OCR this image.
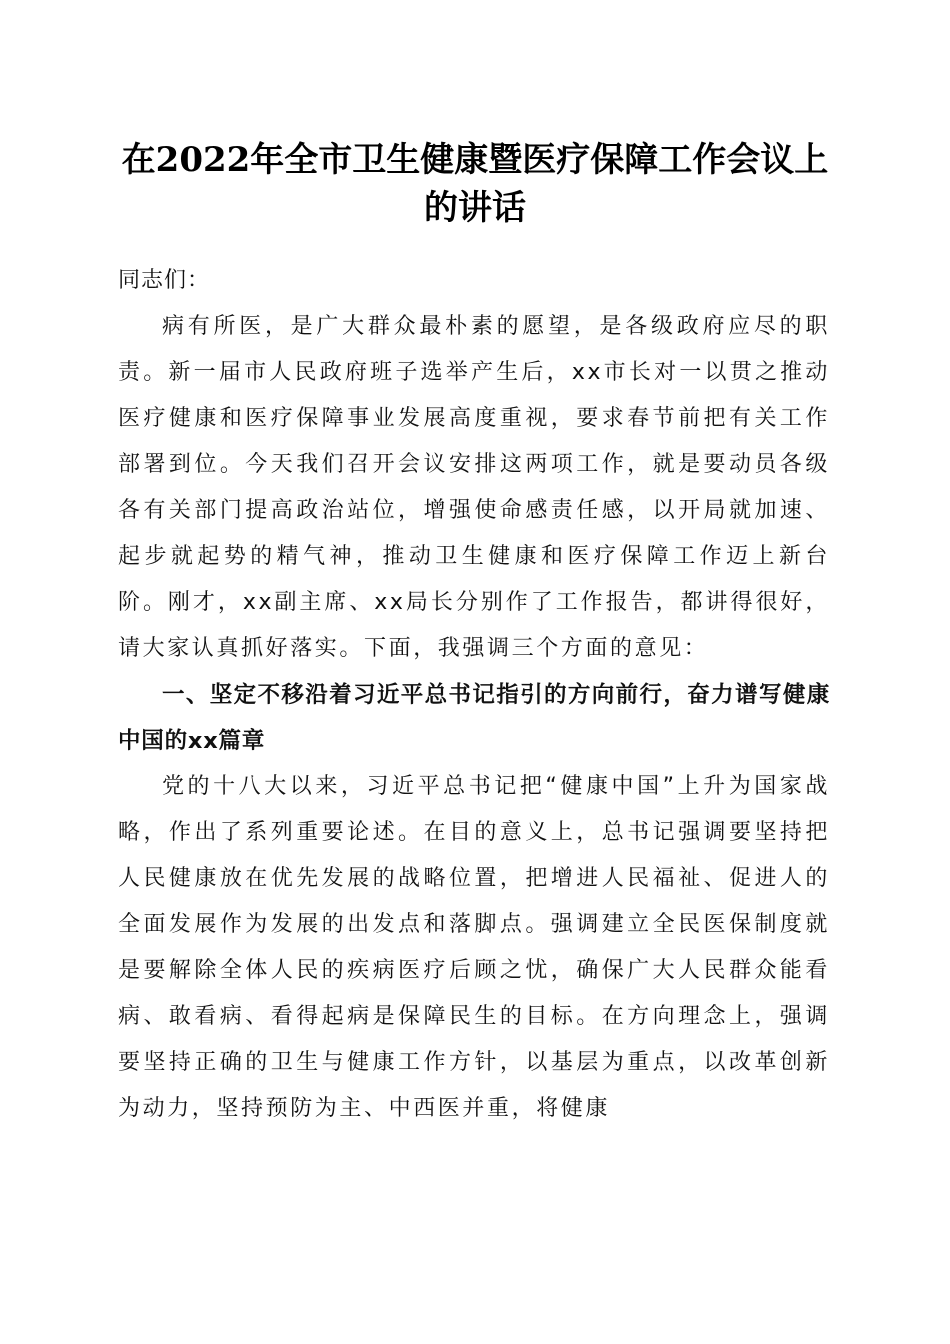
在2022年全市卫生健康暨医疗保障工作会议上的讲话

同志们：

病有所医，是广大群众最朴素的愿望，是各级政府应尽的职责。新一届市人民政府班子选举产生后，xx市长对一以贯之推动医疗健康和医疗保障事业发展高度重视，要求春节前把有关工作部署到位。今天我们召开会议安排这两项工作，就是要动员各级各有关部门提高政治站位，增强使命感责任感，以开局就加速、起步就起势的精气神，推动卫生健康和医疗保障工作迈上新台阶。刚才，xx副主席、xx局长分别作了工作报告，都讲得很好，请大家认真抓好落实。下面，我强调三个方面的意见：

一、坚定不移沿着习近平总书记指引的方向前行，奋力谱写健康中国的xx篇章

党的十八大以来，习近平总书记把“健康中国”上升为国家战略，作出了系列重要论述。在目的意义上，总书记强调要坚持把人民健康放在优先发展的战略位置，把增进人民福祉、促进人的全面发展作为发展的出发点和落脚点。强调建立全民医保制度就是要解除全体人民的疾病医疗后顾之忧，确保广大人民群众能看病、敢看病、看得起病是保障民生的目标。在方向理念上，强调要坚持正确的卫生与健康工作方针，以基层为重点，以改革创新为动力，坚持预防为主、中西医并重，将健康
